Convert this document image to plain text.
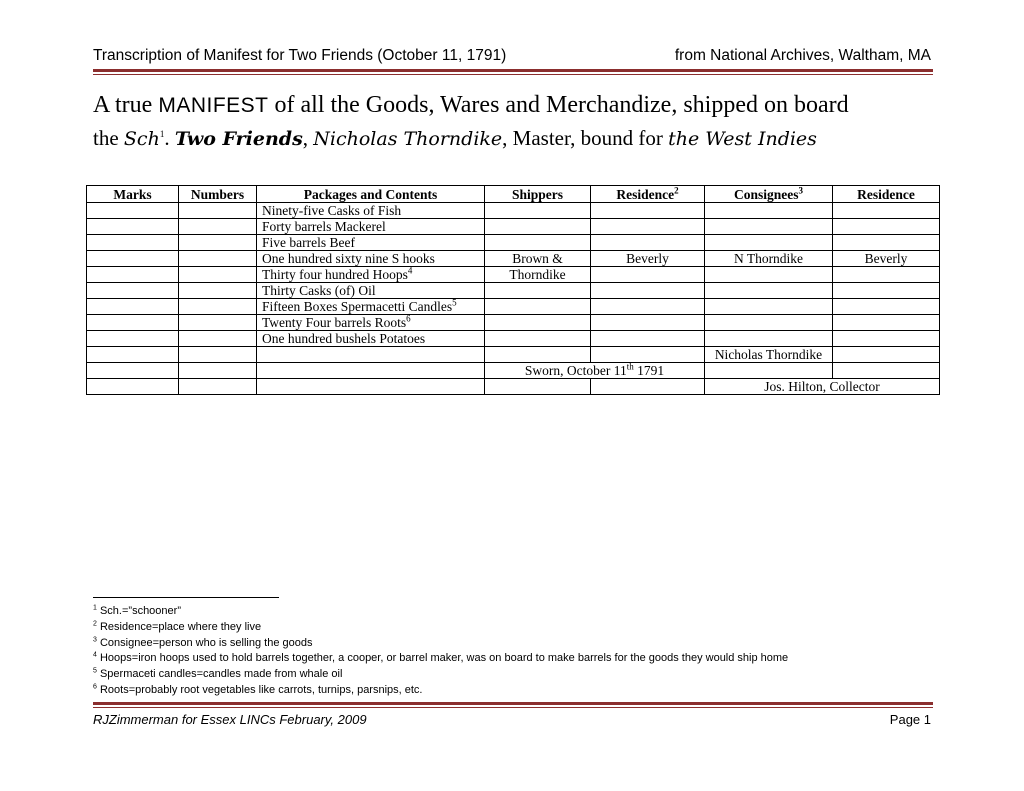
Transcription of Manifest for Two Friends (October 11, 1791)	from National Archives, Waltham, MA
A true MANIFEST of all the Goods, Wares and Merchandize, shipped on board
the Sch$^1$. Two Friends, Nicholas Thorndike, Master, bound for the West Indies
Marks	Numbers	Packages and Contents	Shippers	Residence$^2$	Consignees$^3$	Residence
		Ninety-five Casks of Fish				
		Forty barrels Mackerel				
		Five barrels Beef				
		One hundred sixty nine S hooks	Brown &	Beverly	N Thorndike	Beverly
		Thirty four hundred Hoops$^4$	Thorndike			
		Thirty Casks (of) Oil				
		Fifteen Boxes Spermacetti Candles$^5$				
		Twenty Four barrels Roots$^6$				
		One hundred bushels Potatoes				
					Nicholas Thorndike	
			Sworn, October 11th 1791			
					Jos. Hilton, Collector	
$^1$ Sch.=”schooner”
$^2$ Residence=place where they live
$^3$ Consignee=person who is selling the goods
$^4$ Hoops=iron hoops used to hold barrels together, a cooper, or barrel maker, was on board to make barrels for the goods they would ship home
$^5$ Spermaceti candles=candles made from whale oil
$^6$ Roots=probably root vegetables like carrots, turnips, parsnips, etc.
RJZimmerman for Essex LINCs February, 2009	Page 1
